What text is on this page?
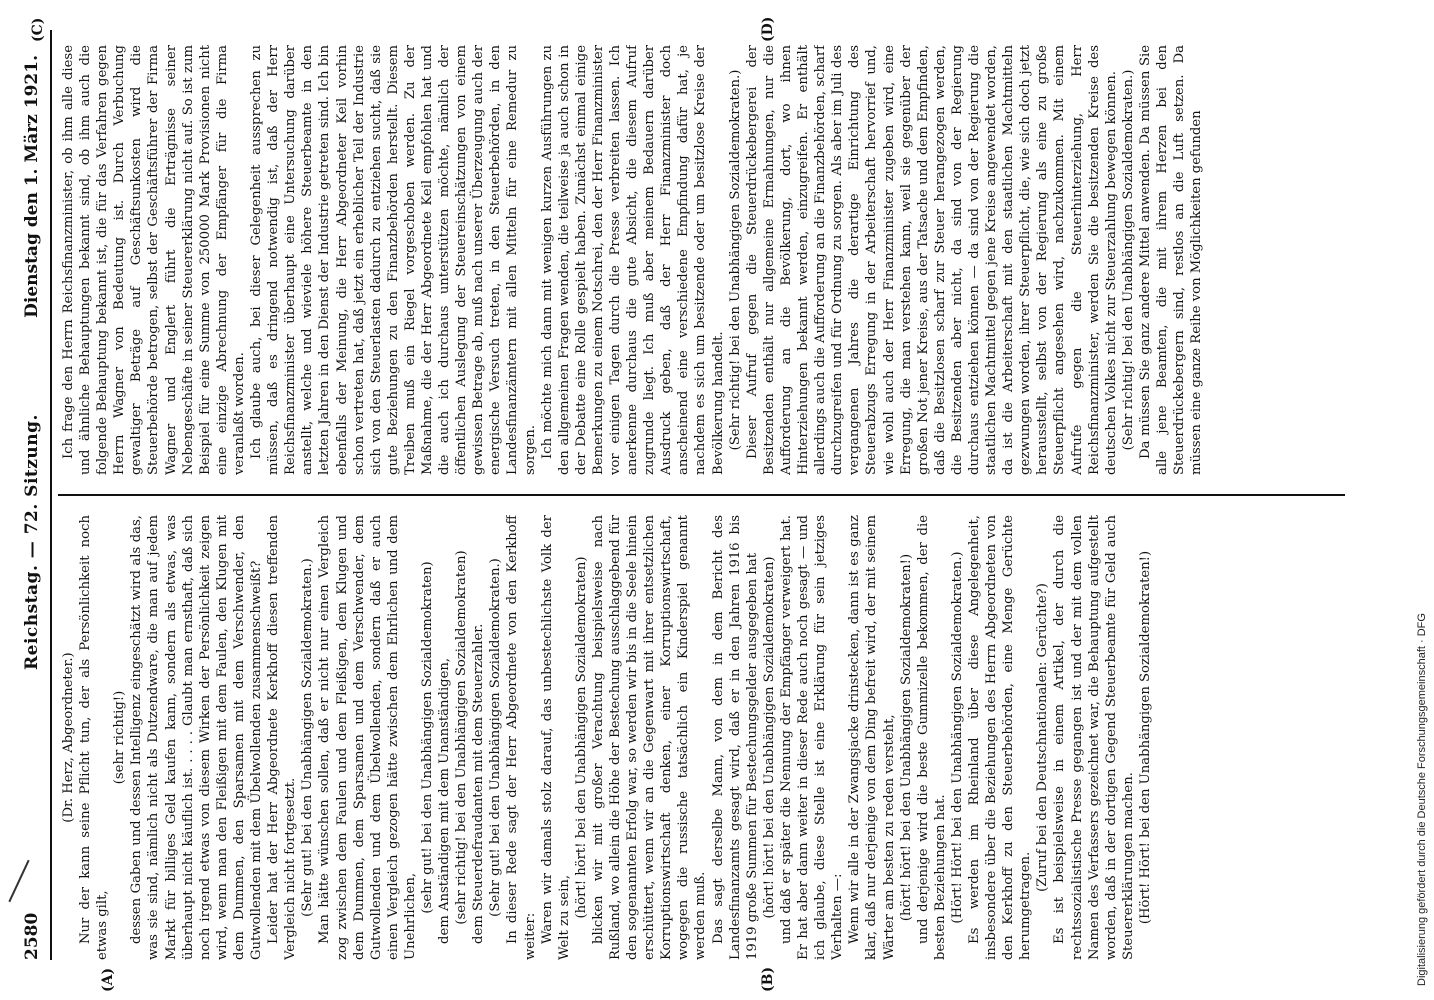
2580
Reichstag. — 72. Sitzung.
Dienstag den 1. März 1921.

(Dr. Herz, Abgeordneter.) Nur der kann seine Pflicht tun, der als Persönlichkeit noch etwas gilt,

(sehr richtig!) dessen Gaben und dessen Intelligenz eingeschätzt wird als das, was sie sind, nämlich nicht als Dutzendware, die man auf jedem Markt für billiges Geld kaufen kann, sondern als etwas, was überhaupt nicht käuflich ist. . . . . Glaubt man ernsthaft, daß sich noch irgend etwas von diesem Wirken der Persönlichkeit zeigen wird, wenn man den Fleißigen mit dem Faulen, den Klugen mit dem Dummen, den Sparsamen mit dem Verschwender, den Gutwollenden mit dem Übelwollenden zusammenschweißt? Leider hat der Herr Abgeordnete Kerkhoff diesen treffenden Vergleich nicht fortgesetzt. (Sehr gut! bei den Unabhängigen Sozialdemokraten.) Man hätte wünschen sollen, daß er nicht nur einen Vergleich zog zwischen dem Faulen und dem Fleißigen, dem Klugen und dem Dummen, dem Sparsamen und dem Verschwender, dem Gutwollenden und dem Übelwollenden, sondern daß er auch einen Vergleich gezogen hätte zwischen dem Ehrlichen und dem Unehrlichen,

(sehr gut! bei den Unabhängigen Sozialdemokraten) dem Anständigen mit dem Unanständigen, (sehr richtig! bei den Unabhängigen Sozialdemokraten) dem Steuerdefraudanten mit dem Steuerzahler. (Sehr gut! bei den Unabhängigen Sozialdemokraten.) In dieser Rede sagt der Herr Abgeordnete von den Kerkhoff weiter: Waren wir damals stolz darauf, das unbestechlichste Volk der Welt zu sein, (hört! hört! bei den Unabhängigen Sozialdemokraten) blicken wir mit großer Verachtung beispielsweise nach Rußland, wo allein die Höhe der Bestechung ausschlaggebend für den sogenannten Erfolg war, so werden wir bis in die Seele hinein erschüttert, wenn wir an die Gegenwart mit ihrer entsetzlichen Korruptionswirtschaft denken, einer Korruptionswirtschaft, wogegen die russische tatsächlich ein Kinderspiel genannt werden muß. Das sagt derselbe Mann, von dem in dem Bericht des Landesfinanzamts gesagt wird, daß er in den Jahren 1916 bis 1919 große Summen für Bestechungsgelder ausgegeben hat (hört! hört! bei den Unabhängigen Sozialdemokraten) und daß er später die Nennung der Empfänger verweigert hat. Er hat aber dann weiter in dieser Rede auch noch gesagt — und ich glaube, diese Stelle ist eine Erklärung für sein jetziges Verhalten —: Wenn wir alle in der Zwangsjacke drinstecken, dann ist es ganz klar, daß nur derjenige von dem Ding befreit wird, der mit seinem Wärter am besten zu reden versteht, (hört! hört! bei den Unabhängigen Sozialdemokraten!) und derjenige wird die beste Gummizelle bekommen, der die besten Beziehungen hat. (Hört! Hört! bei den Unabhängigen Sozialdemokraten.) Es werden im Rheinland über diese Angelegenheit, insbesondere über die Beziehungen des Herrn Abgeordneten von den Kerkhoff zu den Steuerbehörden, eine Menge Gerüchte herumgetragen.

(Zuruf bei den Deutschnationalen: Gerüchte?) Es ist beispielsweise in einem Artikel, der durch die rechtssozialistische Presse gegangen ist und der mit dem vollen Namen des Verfassers gezeichnet war, die Behauptung aufgestellt worden, daß in der dortigen Gegend Steuerbeamte für Geld auch Steuererklärungen machen. (Hört! Hört! bei den Unabhängigen Sozialdemokraten!)

Ich frage den Herrn Reichsfinanzminister, ob ihm alle diese und ähnliche Behauptungen bekannt sind, ob ihm auch die folgende Behauptung bekannt ist, die für das Verfahren gegen Herrn Wagner von Bedeutung ist. Durch Verbuchung gewaltiger Beträge auf Geschäftsunkosten wird die Steuerbehörde betrogen, selbst der Geschäftsführer der Firma Wagner und Englert führt die Erträgnisse seiner Nebengeschäfte in seiner Steuererklärung nicht auf. So ist zum Beispiel für eine Summe von 250000 Mark Provisionen nicht eine einzige Abrechnung der Empfänger für die Firma veranlaßt worden. Ich glaube auch, bei dieser Gelegenheit aussprechen zu müssen, daß es dringend notwendig ist, daß der Herr Reichsfinanzminister überhaupt eine Untersuchung darüber anstellt, welche und wieviele höhere Steuerbeamte in den letzten Jahren in den Dienst der Industrie getreten sind. Ich bin ebenfalls der Meinung, die Herr Abgeordneter Keil vorhin schon vertreten hat, daß jetzt ein erheblicher Teil der Industrie sich von den Steuerlasten dadurch zu entziehen sucht, daß sie gute Beziehungen zu den Finanzbehörden herstellt. Diesem Treiben muß ein Riegel vorgeschoben werden. Zu der Maßnahme, die der Herr Abgeordnete Keil empfohlen hat und die auch ich durchaus unterstützen möchte, nämlich der öffentlichen Auslegung der Steuereinschätzungen von einem gewissen Betrage ab, muß nach unserer Überzeugung auch der energische Versuch treten, in den Steuerbehörden, in den Landesfinanzämtern mit allen Mitteln für eine Remedur zu sorgen. Ich möchte mich dann mit wenigen kurzen Ausführungen zu den allgemeinen Fragen wenden, die teilweise ja auch schon in der Debatte eine Rolle gespielt haben. Zunächst einmal einige Bemerkungen zu einem Notschrei, den der Herr Finanzminister vor einigen Tagen durch die Presse verbreiten lassen. Ich anerkenne durchaus die gute Absicht, die diesem Aufruf zugrunde liegt. Ich muß aber meinem Bedauern darüber Ausdruck geben, daß der Herr Finanzminister doch anscheinend eine verschiedene Empfindung dafür hat, je nachdem es sich um besitzende oder um besitzlose Kreise der Bevölkerung handelt. (Sehr richtig! bei den Unabhängigen Sozialdemokraten.) Dieser Aufruf gegen die Steuerdrückebergerei der Besitzenden enthält nur allgemeine Ermahnungen, nur die Aufforderung an die Bevölkerung, dort, wo ihnen Hinterziehungen bekannt werden, einzugreifen. Er enthält allerdings auch die Aufforderung an die Finanzbehörden, scharf durchzugreifen und für Ordnung zu sorgen. Als aber im Juli des vergangenen Jahres die derartige Einrichtung des Steuerabzugs Erregung in der Arbeiterschaft hervorrief und, wie wohl auch der Herr Finanzminister zugeben wird, eine Erregung, die man verstehen kann, weil sie gegenüber der großen Not jener Kreise, aus der Tatsache und dem Empfinden, daß die Besitzlosen scharf zur Steuer herangezogen werden, die Besitzenden aber nicht, da sind von der Regierung durchaus entziehen können — da sind von der Regierung die staatlichen Machtmittel gegen jene Kreise angewendet worden, da ist die Arbeiterschaft mit den staatlichen Machtmitteln gezwungen worden, ihrer Steuerpflicht, die, wie sich doch jetzt herausstellt, selbst von der Regierung als eine zu große Steuerpflicht angesehen wird, nachzukommen. Mit einem Aufrufe gegen die Steuerhinterziehung, Herr Reichsfinanzminister, werden Sie die besitzenden Kreise des deutschen Volkes nicht zur Steuerzahlung bewegen können. (Sehr richtig! bei den Unabhängigen Sozialdemokraten.) Da müssen Sie ganz andere Mittel anwenden. Da müssen Sie alle jene Beamten, die mit ihrem Herzen bei den Steuerdrückebergern sind, restlos an die Luft setzen. Da müssen eine ganze Reihe von Möglichkeiten gefunden

(A)	(B)
(C)	(D)
Digitalisierung gefördert durch die Deutsche Forschungsgemeinschaft · DFG
